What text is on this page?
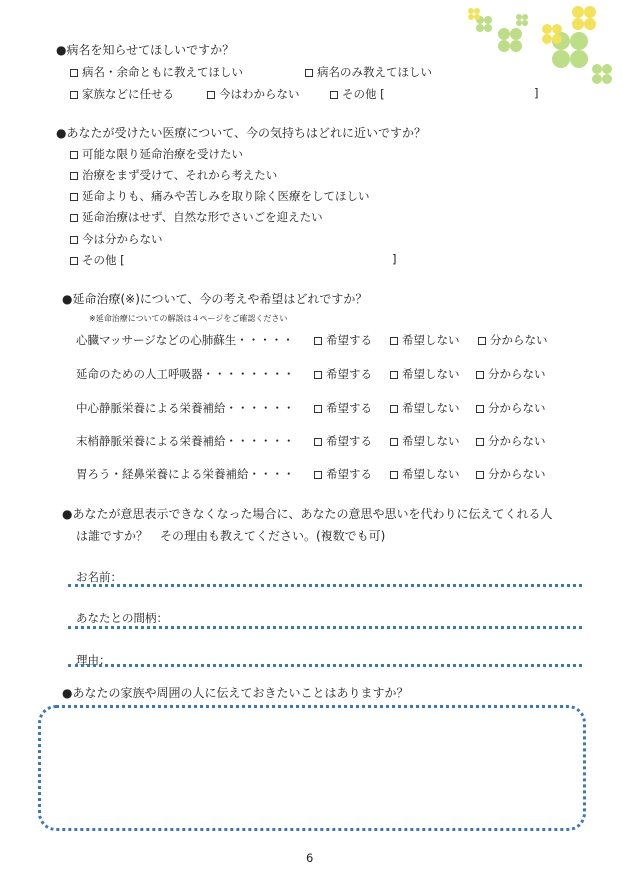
●病名を知らせてほしいですか？
病名・余命ともに教えてほしい	病名のみ教えてほしい
家族などに任せる	今はわからない	その他 [	]
●あなたが受けたい医療について、今の気持ちはどれに近いですか？
可能な限り延命治療を受けたい
治療をまず受けて、それから考えたい
延命よりも、痛みや苦しみを取り除く医療をしてほしい
延命治療はせず、自然な形でさいごを迎えたい
今は分からない
その他 [	]
●延命治療(※)について、今の考えや希望はどれですか？
※延命治療についての解説は４ページをご確認ください
心臓マッサージなどの心肺蘇生・・・・・	希望する	希望しない	分からない
延命のための人工呼吸器・・・・・・・・	希望する	希望しない	分からない
中心静脈栄養による栄養補給・・・・・・	希望する	希望しない	分からない
末梢静脈栄養による栄養補給・・・・・・	希望する	希望しない	分からない
胃ろう・経鼻栄養による栄養補給・・・・	希望する	希望しない	分からない
●あなたが意思表示できなくなった場合に、あなたの意思や思いを代わりに伝えてくれる人
は誰ですか？　その理由も教えてください。(複数でも可)
お名前：
あなたとの間柄：
理由：
●あなたの家族や周囲の人に伝えておきたいことはありますか？
6
